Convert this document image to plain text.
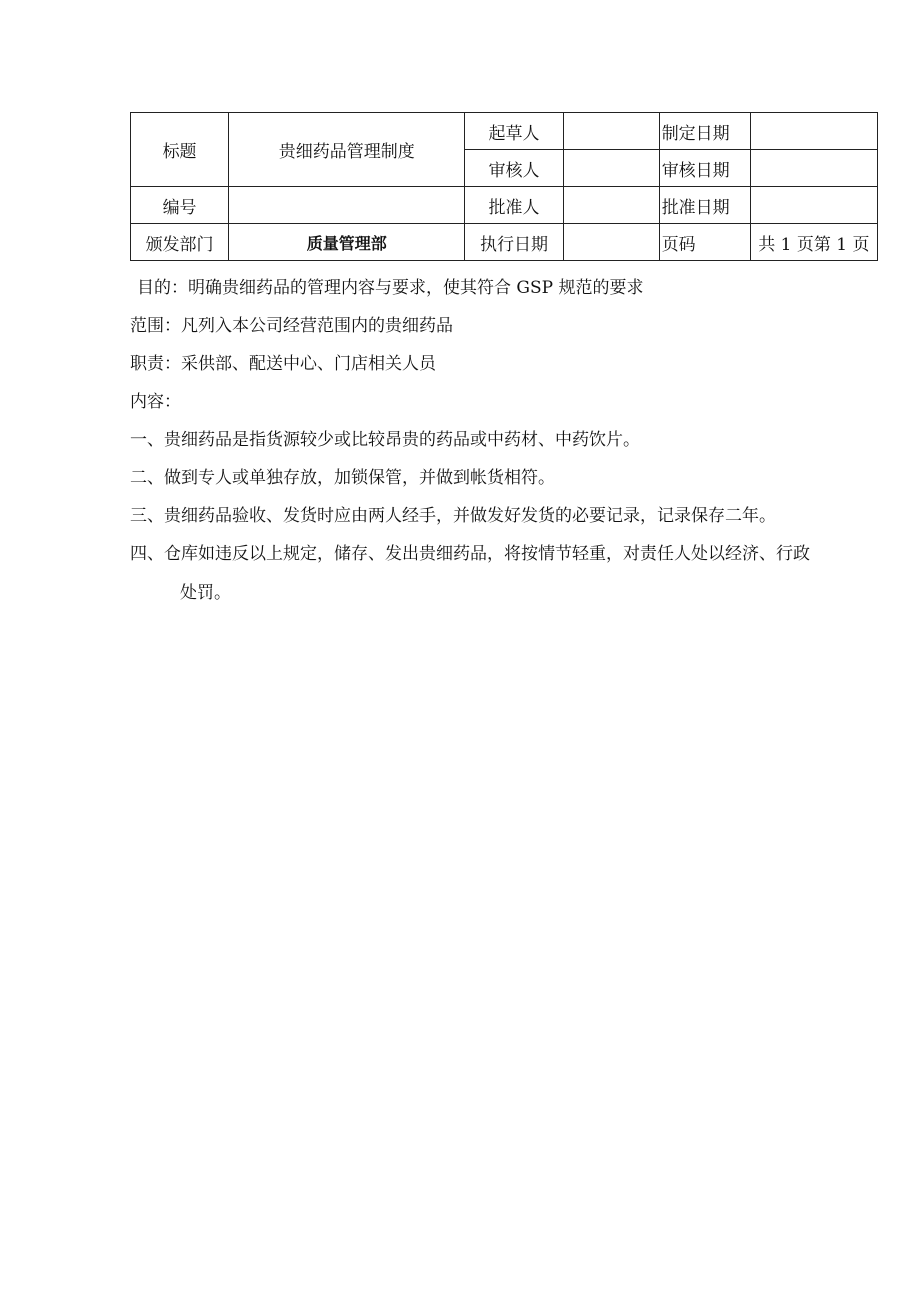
标题	贵细药品管理制度	起草人		制定日期	
		审核人		审核日期	
编号		批准人		批准日期	
颁发部门	质量管理部	执行日期		页码	共 1 页第 1 页
目的：明确贵细药品的管理内容与要求，使其符合 GSP 规范的要求
范围：凡列入本公司经营范围内的贵细药品
职责：采供部、配送中心、门店相关人员
内容：
一、贵细药品是指货源较少或比较昂贵的药品或中药材、中药饮片。
二、做到专人或单独存放，加锁保管，并做到帐货相符。
三、贵细药品验收、发货时应由两人经手，并做发好发货的必要记录，记录保存二年。
四、仓库如违反以上规定，储存、发出贵细药品，将按情节轻重，对责任人处以经济、行政
处罚。
